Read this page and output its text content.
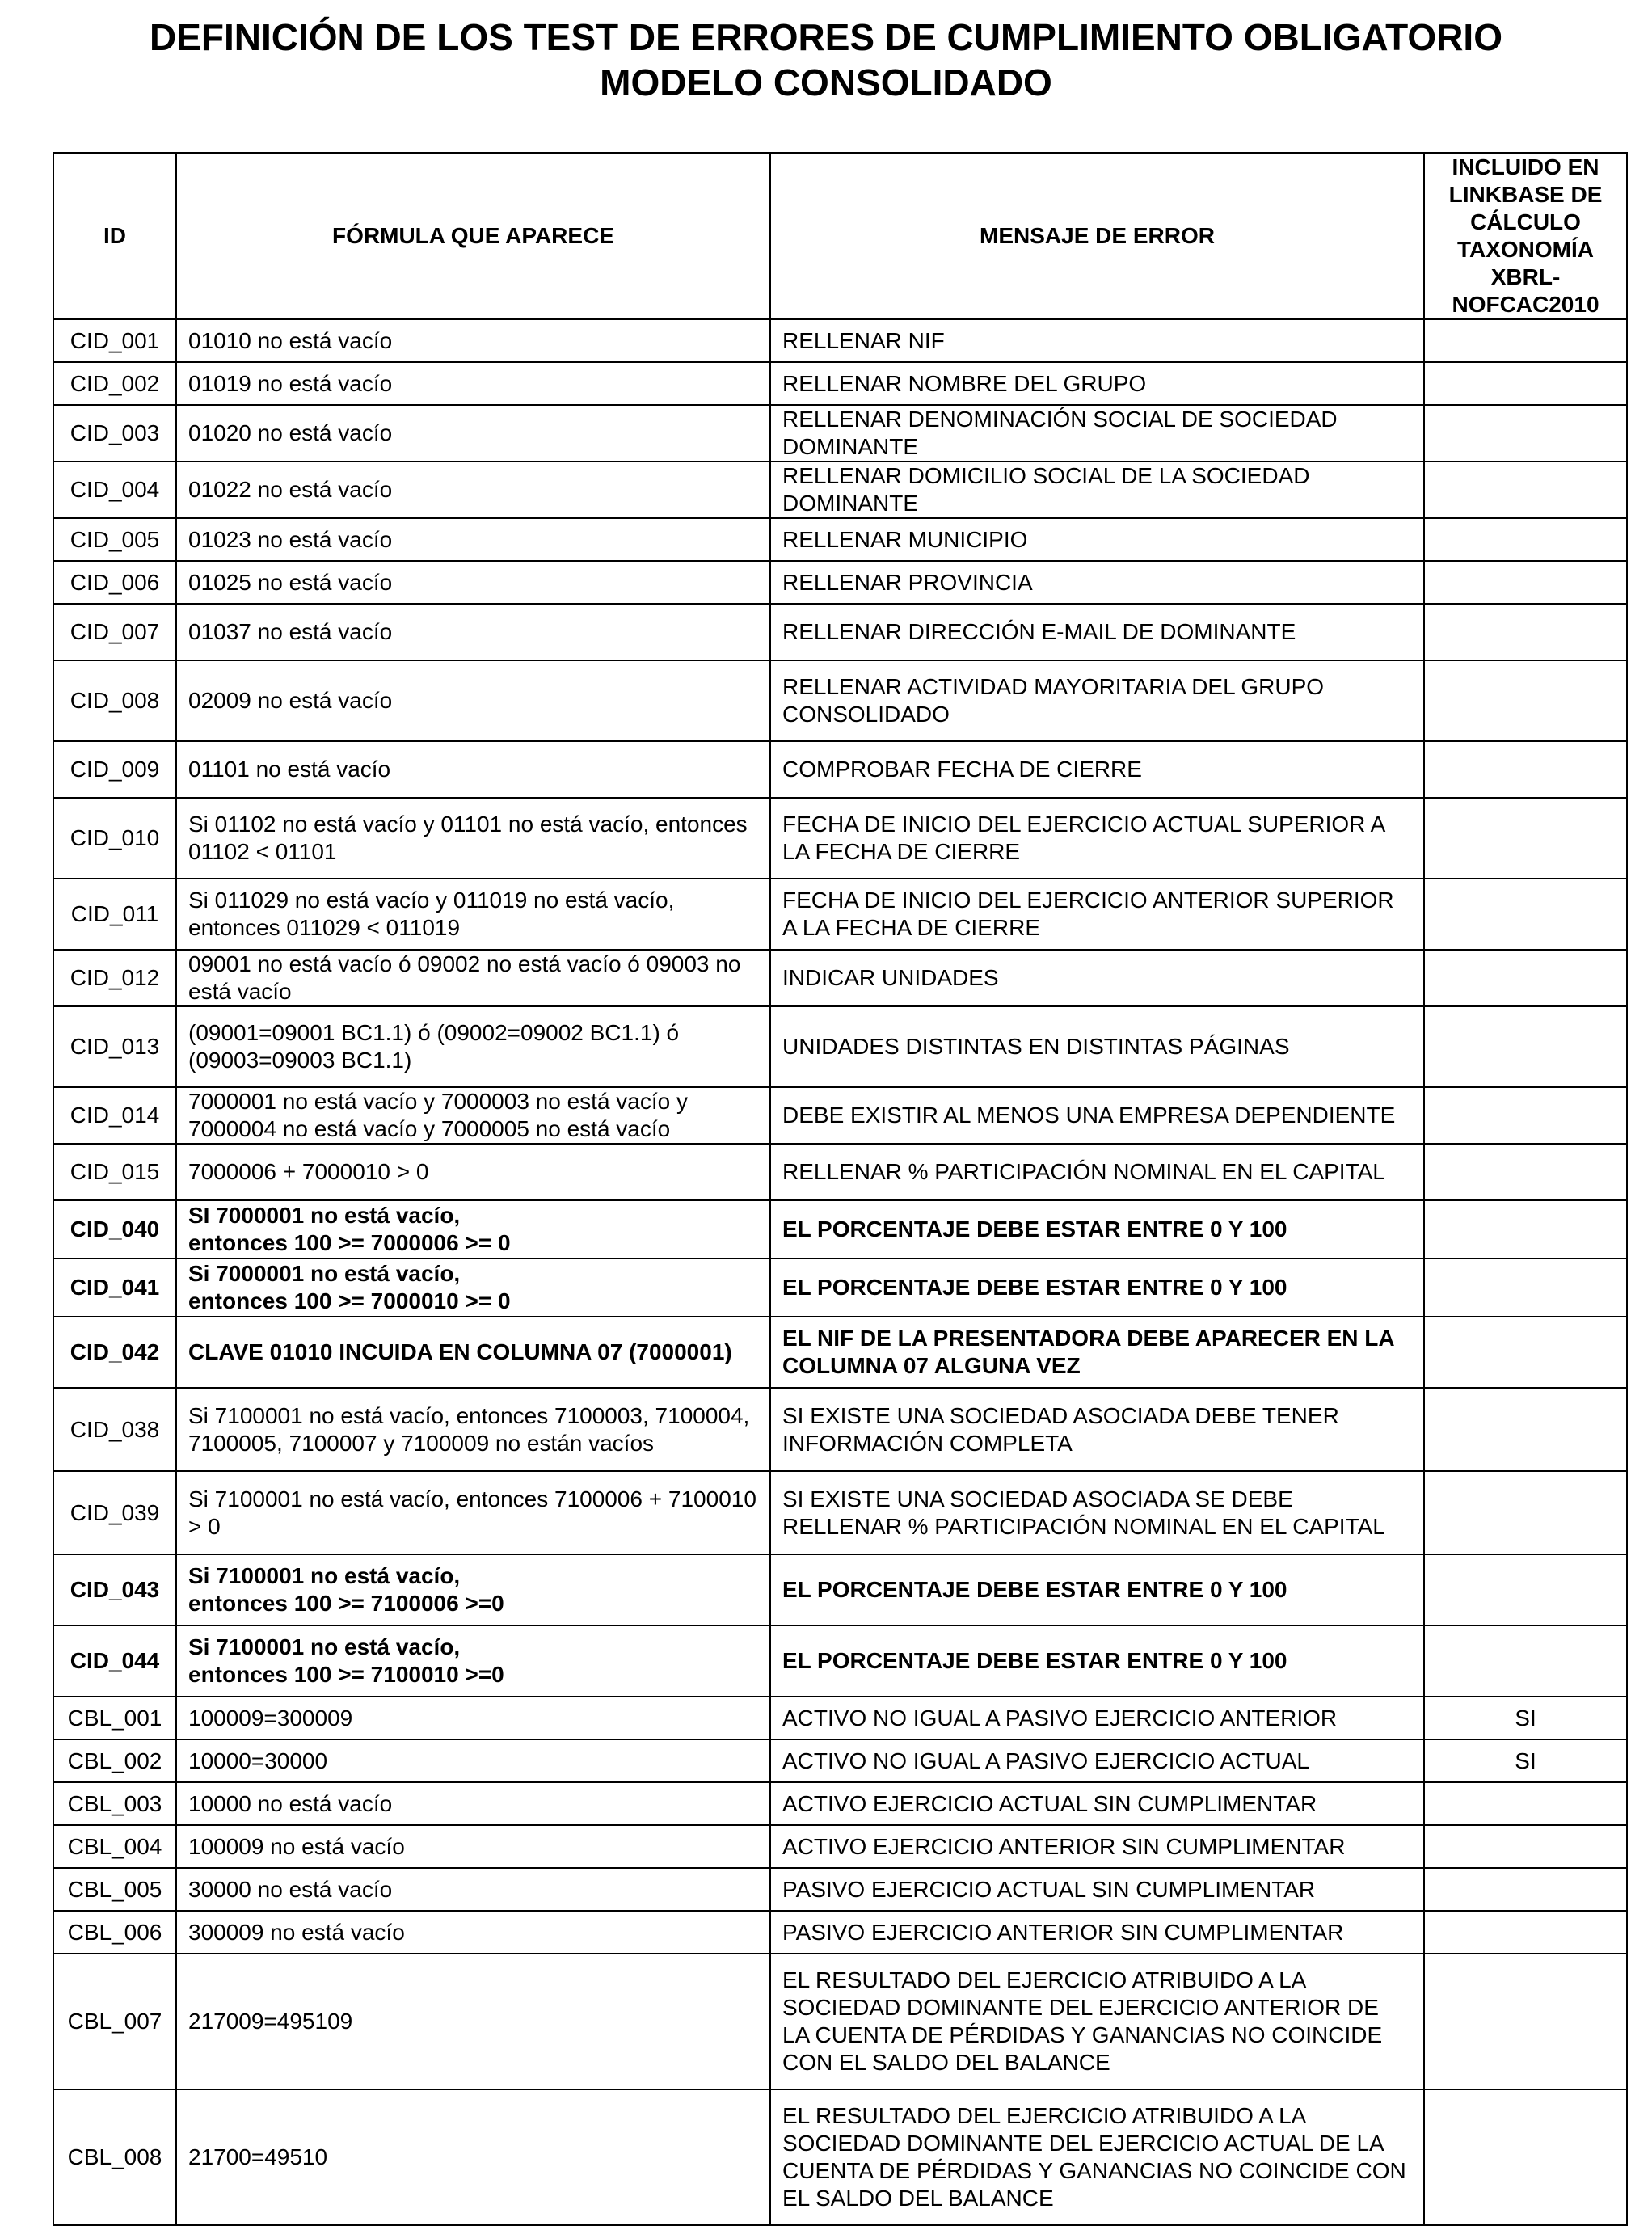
DEFINICIÓN DE LOS TEST DE ERRORES DE CUMPLIMIENTO OBLIGATORIO
MODELO CONSOLIDADO
ID	FÓRMULA QUE APARECE	MENSAJE DE ERROR	INCLUIDO EN LINKBASE DE CÁLCULO TAXONOMÍA XBRL-NOFCAC2010
CID_001	01010 no está vacío	RELLENAR NIF	
CID_002	01019 no está vacío	RELLENAR NOMBRE DEL GRUPO	
CID_003	01020 no está vacío	RELLENAR DENOMINACIÓN SOCIAL DE SOCIEDAD DOMINANTE	
CID_004	01022 no está vacío	RELLENAR DOMICILIO SOCIAL DE LA SOCIEDAD DOMINANTE	
CID_005	01023 no está vacío	RELLENAR MUNICIPIO	
CID_006	01025 no está vacío	RELLENAR PROVINCIA	
CID_007	01037 no está vacío	RELLENAR DIRECCIÓN E-MAIL DE DOMINANTE	
CID_008	02009 no está vacío	RELLENAR ACTIVIDAD MAYORITARIA DEL GRUPO CONSOLIDADO	
CID_009	01101 no está vacío	COMPROBAR FECHA DE CIERRE	
CID_010	Si 01102 no está vacío y 01101 no está vacío, entonces 01102 < 01101	FECHA DE INICIO DEL EJERCICIO ACTUAL SUPERIOR A LA FECHA DE CIERRE	
CID_011	Si 011029 no está vacío y 011019 no está vacío, entonces 011029 < 011019	FECHA DE INICIO DEL EJERCICIO ANTERIOR SUPERIOR A LA FECHA DE CIERRE	
CID_012	09001 no está vacío ó 09002 no está vacío ó 09003 no está vacío	INDICAR UNIDADES	
CID_013	(09001=09001 BC1.1) ó (09002=09002 BC1.1) ó (09003=09003 BC1.1)	UNIDADES DISTINTAS EN DISTINTAS PÁGINAS	
CID_014	7000001 no está vacío y 7000003 no está vacío y 7000004 no está vacío y 7000005 no está vacío	DEBE EXISTIR AL MENOS UNA EMPRESA DEPENDIENTE	
CID_015	7000006 + 7000010 > 0	RELLENAR % PARTICIPACIÓN NOMINAL EN EL CAPITAL	
CID_040	SI 7000001 no está vacío,
entonces 100 >= 7000006 >= 0	EL PORCENTAJE DEBE ESTAR ENTRE 0 Y 100	
CID_041	Si 7000001 no está vacío,
entonces 100 >= 7000010 >= 0	EL PORCENTAJE DEBE ESTAR ENTRE 0 Y 100	
CID_042	CLAVE 01010 INCUIDA EN COLUMNA 07 (7000001)	EL NIF DE LA PRESENTADORA DEBE APARECER EN LA COLUMNA 07 ALGUNA VEZ	
CID_038	Si 7100001 no está vacío, entonces 7100003, 7100004, 7100005, 7100007 y 7100009 no están vacíos	SI EXISTE UNA SOCIEDAD ASOCIADA DEBE TENER INFORMACIÓN COMPLETA	
CID_039	Si 7100001 no está vacío, entonces 7100006 + 7100010 > 0	SI EXISTE UNA SOCIEDAD ASOCIADA SE DEBE RELLENAR % PARTICIPACIÓN NOMINAL EN EL CAPITAL	
CID_043	Si 7100001 no está vacío,
entonces 100 >= 7100006 >=0	EL PORCENTAJE DEBE ESTAR ENTRE 0 Y 100	
CID_044	Si 7100001 no está vacío,
entonces 100 >= 7100010 >=0	EL PORCENTAJE DEBE ESTAR ENTRE 0 Y 100	
CBL_001	100009=300009	ACTIVO NO IGUAL A PASIVO EJERCICIO ANTERIOR	SI
CBL_002	10000=30000	ACTIVO NO IGUAL A PASIVO EJERCICIO ACTUAL	SI
CBL_003	10000 no está vacío	ACTIVO EJERCICIO ACTUAL SIN CUMPLIMENTAR	
CBL_004	100009 no está vacío	ACTIVO EJERCICIO ANTERIOR SIN CUMPLIMENTAR	
CBL_005	30000 no está vacío	PASIVO EJERCICIO ACTUAL SIN CUMPLIMENTAR	
CBL_006	300009 no está vacío	PASIVO EJERCICIO ANTERIOR SIN CUMPLIMENTAR	
CBL_007	217009=495109	EL RESULTADO DEL EJERCICIO ATRIBUIDO A LA SOCIEDAD DOMINANTE DEL EJERCICIO ANTERIOR DE LA CUENTA DE PÉRDIDAS Y GANANCIAS NO COINCIDE CON EL SALDO DEL BALANCE	
CBL_008	21700=49510	EL RESULTADO DEL EJERCICIO ATRIBUIDO A LA SOCIEDAD DOMINANTE DEL EJERCICIO ACTUAL DE LA CUENTA DE PÉRDIDAS Y GANANCIAS NO COINCIDE CON EL SALDO DEL BALANCE	
